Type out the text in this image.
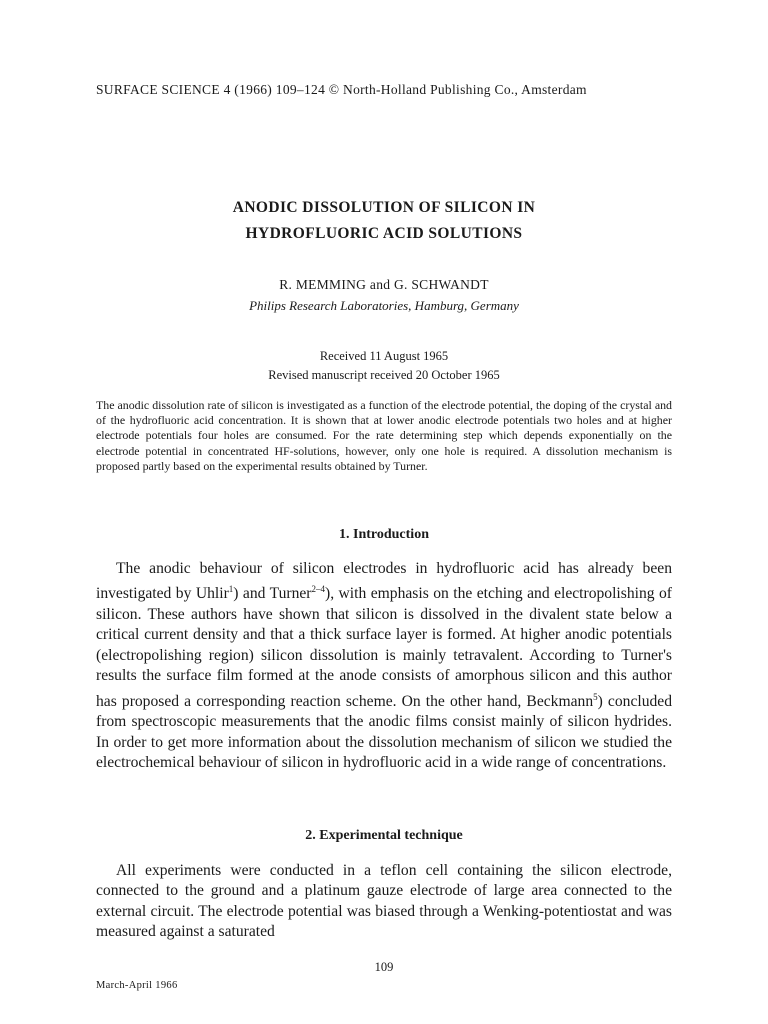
SURFACE SCIENCE 4 (1966) 109–124 © North-Holland Publishing Co., Amsterdam
ANODIC DISSOLUTION OF SILICON IN
HYDROFLUORIC ACID SOLUTIONS
R. MEMMING and G. SCHWANDT
Philips Research Laboratories, Hamburg, Germany
Received 11 August 1965
Revised manuscript received 20 October 1965
The anodic dissolution rate of silicon is investigated as a function of the electrode potential, the doping of the crystal and of the hydrofluoric acid concentration. It is shown that at lower anodic electrode potentials two holes and at higher electrode potentials four holes are consumed. For the rate determining step which depends exponentially on the electrode potential in concentrated HF-solutions, however, only one hole is required. A dissolution mechanism is proposed partly based on the experimental results obtained by Turner.
1. Introduction

The anodic behaviour of silicon electrodes in hydrofluoric acid has already been investigated by Uhlir$^1$) and Turner$^{2-4}$), with emphasis on the etching and electropolishing of silicon. These authors have shown that silicon is dissolved in the divalent state below a critical current density and that a thick surface layer is formed. At higher anodic potentials (electropolishing region) silicon dissolution is mainly tetravalent. According to Turner's results the surface film formed at the anode consists of amorphous silicon and this author has proposed a corresponding reaction scheme. On the other hand, Beckmann$^5$) concluded from spectroscopic measurements that the anodic films consist mainly of silicon hydrides. In order to get more information about the dissolution mechanism of silicon we studied the electrochemical behaviour of silicon in hydrofluoric acid in a wide range of concentrations.

2. Experimental technique

All experiments were conducted in a teflon cell containing the silicon electrode, connected to the ground and a platinum gauze electrode of large area connected to the external circuit. The electrode potential was biased through a Wenking-potentiostat and was measured against a saturated

109
March-April 1966
